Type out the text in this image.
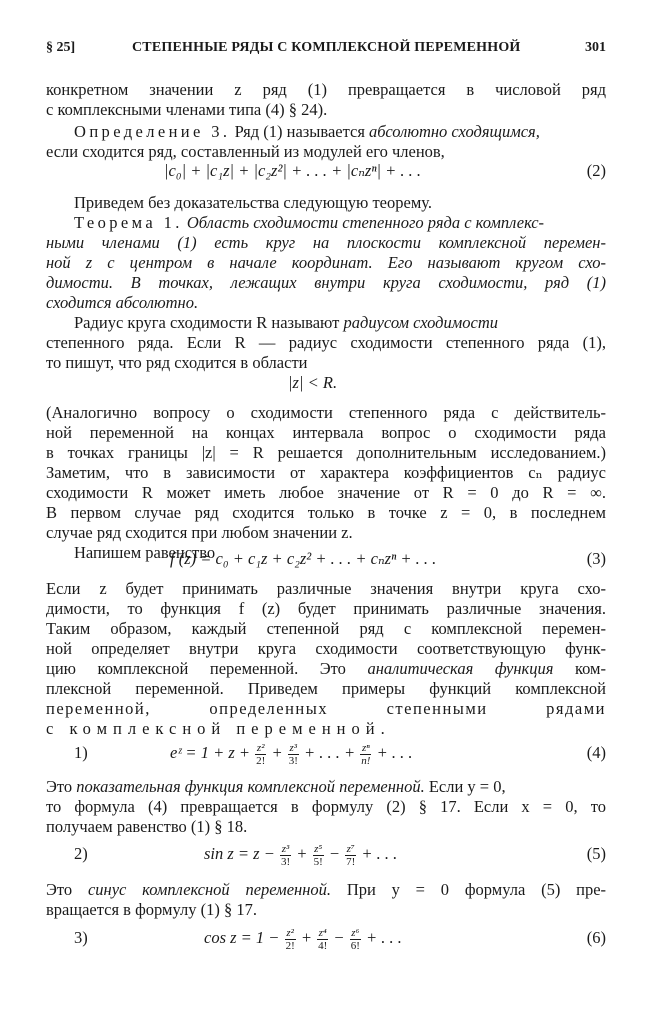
§ 25]	СТЕПЕННЫЕ РЯДЫ С КОМПЛЕКСНОЙ ПЕРЕМЕННОЙ	301
конкретном значении z ряд (1) превращается в числовой ряд
с комплексными членами типа (4) § 24).
Определение 3. Ряд (1) называется абсолютно сходящимся,
если сходится ряд, составленный из модулей его членов,
|c₀| + |c₁z| + |c₂z²| + . . . + |cₙzⁿ| + . . .	(2)
Приведем без доказательства следующую теорему.
Теорема 1. Область сходимости степенного ряда с комплекс-
ными членами (1) есть круг на плоскости комплексной перемен-
ной z с центром в начале координат. Его называют кругом схо-
димости. В точках, лежащих внутри круга сходимости, ряд (1)
сходится абсолютно.
Радиус круга сходимости R называют радиусом сходимости
степенного ряда. Если R — радиус сходимости степенного ряда (1),
то пишут, что ряд сходится в области
|z| < R.
(Аналогично вопросу о сходимости степенного ряда с действитель-
ной переменной на концах интервала вопрос о сходимости ряда
в точках границы |z| = R решается дополнительным исследованием.)
Заметим, что в зависимости от характера коэффициентов cₙ радиус
сходимости R может иметь любое значение от R = 0 до R = ∞.
В первом случае ряд сходится только в точке z = 0, в последнем
случае ряд сходится при любом значении z.
Напишем равенство
f (z) = c₀ + c₁z + c₂z² + . . . + cₙzⁿ + . . .	(3)
Если z будет принимать различные значения внутри круга схо-
димости, то функция f (z) будет принимать различные значения.
Таким образом, каждый степенной ряд с комплексной перемен-
ной определяет внутри круга сходимости соответствующую функ-
цию комплексной переменной. Это аналитическая функция ком-
плексной переменной. Приведем примеры функций комплексной
переменной, определенных степенными рядами
с комплексной переменной.
1)	eᶻ = $1 + z + \frac{\text{z²}}{2!} + \frac{\text{z³}}{3!}$ + . . . + $\frac{\text{zⁿ}}{n!}$ + . . .	(4)
Это показательная функция комплексной переменной. Если y = 0,
то формула (4) превращается в формулу (2) § 17. Если x = 0, то
получаем равенство (1) § 18.
2)	$\sin z = z - \frac{\text{z³}}{3!} + \frac{\text{z⁵}}{5!} - \frac{\text{z⁷}}{7!}$ + . . .	(5)
Это синус комплексной переменной. При y = 0 формула (5) пре-
вращается в формулу (1) § 17.
3)	$\cos z = 1 - \frac{\text{z²}}{2!} + \frac{\text{z⁴}}{4!} - \frac{\text{z⁶}}{6!}$ + . . .	(6)
